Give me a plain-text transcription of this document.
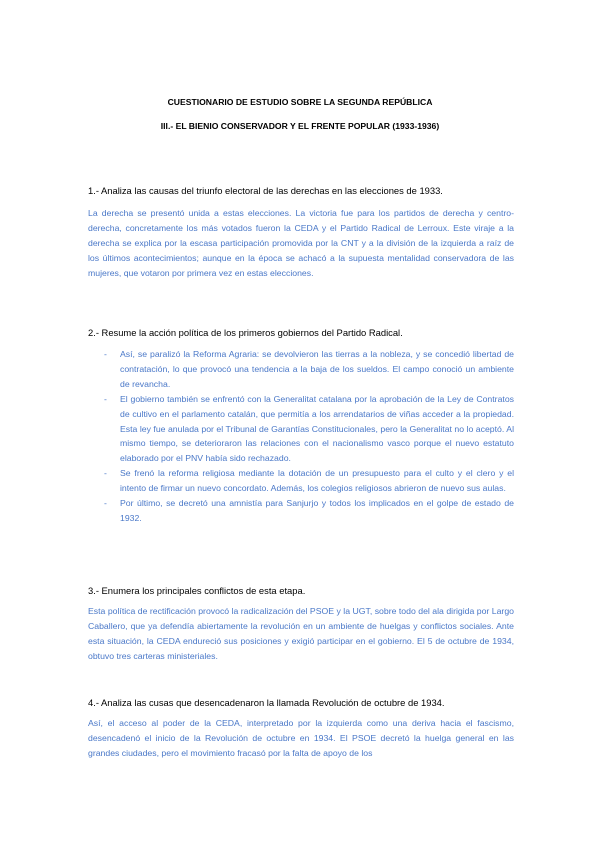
CUESTIONARIO DE ESTUDIO SOBRE LA SEGUNDA REPÚBLICA
III.- EL BIENIO CONSERVADOR Y EL FRENTE POPULAR (1933-1936)
1.- Analiza las causas del triunfo electoral de las derechas en las elecciones de 1933.
La derecha se presentó unida a estas elecciones. La victoria fue para los partidos de derecha y centro-derecha, concretamente los más votados fueron la CEDA y el Partido Radical de Lerroux. Este viraje a la derecha se explica por la escasa participación promovida por la CNT y a la división de la izquierda a raíz de los últimos acontecimientos; aunque en la época se achacó a la supuesta mentalidad conservadora de las mujeres, que votaron por primera vez en estas elecciones.
2.- Resume la acción política de los primeros gobiernos del Partido Radical.
- Así, se paralizó la Reforma Agraria: se devolvieron las tierras a la nobleza, y se concedió libertad de contratación, lo que provocó una tendencia a la baja de los sueldos. El campo conoció un ambiente de revancha.
- El gobierno también se enfrentó con la Generalitat catalana por la aprobación de la Ley de Contratos de cultivo en el parlamento catalán, que permitía a los arrendatarios de viñas acceder a la propiedad. Esta ley fue anulada por el Tribunal de Garantías Constitucionales, pero la Generalitat no lo aceptó. Al mismo tiempo, se deterioraron las relaciones con el nacionalismo vasco porque el nuevo estatuto elaborado por el PNV había sido rechazado.
- Se frenó la reforma religiosa mediante la dotación de un presupuesto para el culto y el clero y el intento de firmar un nuevo concordato. Además, los colegios religiosos abrieron de nuevo sus aulas.
- Por último, se decretó una amnistía para Sanjurjo y todos los implicados en el golpe de estado de 1932.
3.- Enumera los principales conflictos de esta etapa.
Esta política de rectificación provocó la radicalización del PSOE y la UGT, sobre todo del ala dirigida por Largo Caballero, que ya defendía abiertamente la revolución en un ambiente de huelgas y conflictos sociales. Ante esta situación, la CEDA endureció sus posiciones y exigió participar en el gobierno. El 5 de octubre de 1934, obtuvo tres carteras ministeriales.
4.- Analiza las cusas que desencadenaron la llamada Revolución de octubre de 1934.
Así, el acceso al poder de la CEDA, interpretado por la izquierda como una deriva hacia el fascismo, desencadenó el inicio de la Revolución de octubre en 1934. El PSOE decretó la huelga general en las grandes ciudades, pero el movimiento fracasó por la falta de apoyo de los
